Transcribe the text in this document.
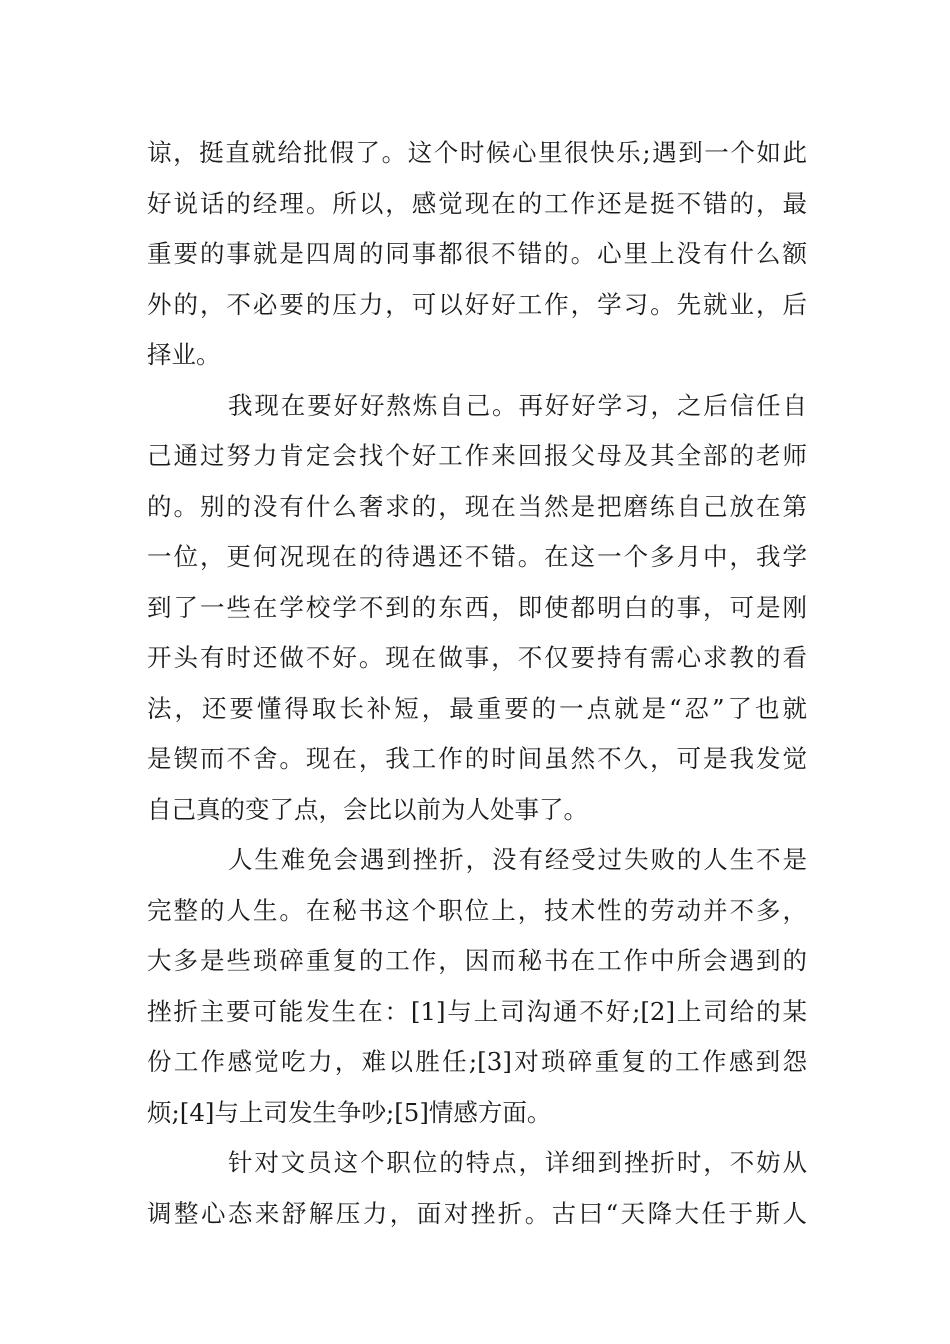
谅，挺直就给批假了。这个时候心里很快乐;遇到一个如此
好说话的经理。所以，感觉现在的工作还是挺不错的，最
重要的事就是四周的同事都很不错的。心里上没有什么额
外的，不必要的压力，可以好好工作，学习。先就业，后
择业。
我现在要好好熬炼自己。再好好学习，之后信任自
己通过努力肯定会找个好工作来回报父母及其全部的老师
的。别的没有什么奢求的，现在当然是把磨练自己放在第
一位，更何况现在的待遇还不错。在这一个多月中，我学
到了一些在学校学不到的东西，即使都明白的事，可是刚
开头有时还做不好。现在做事，不仅要持有需心求教的看
法，还要懂得取长补短，最重要的一点就是“忍”了也就
是锲而不舍。现在，我工作的时间虽然不久，可是我发觉
自己真的变了点，会比以前为人处事了。
人生难免会遇到挫折，没有经受过失败的人生不是
完整的人生。在秘书这个职位上，技术性的劳动并不多，
大多是些琐碎重复的工作，因而秘书在工作中所会遇到的
挫折主要可能发生在：[1]与上司沟通不好;[2]上司给的某
份工作感觉吃力，难以胜任;[3]对琐碎重复的工作感到怨
烦;[4]与上司发生争吵;[5]情感方面。
针对文员这个职位的特点，详细到挫折时，不妨从
调整心态来舒解压力，面对挫折。古曰“天降大任于斯人
